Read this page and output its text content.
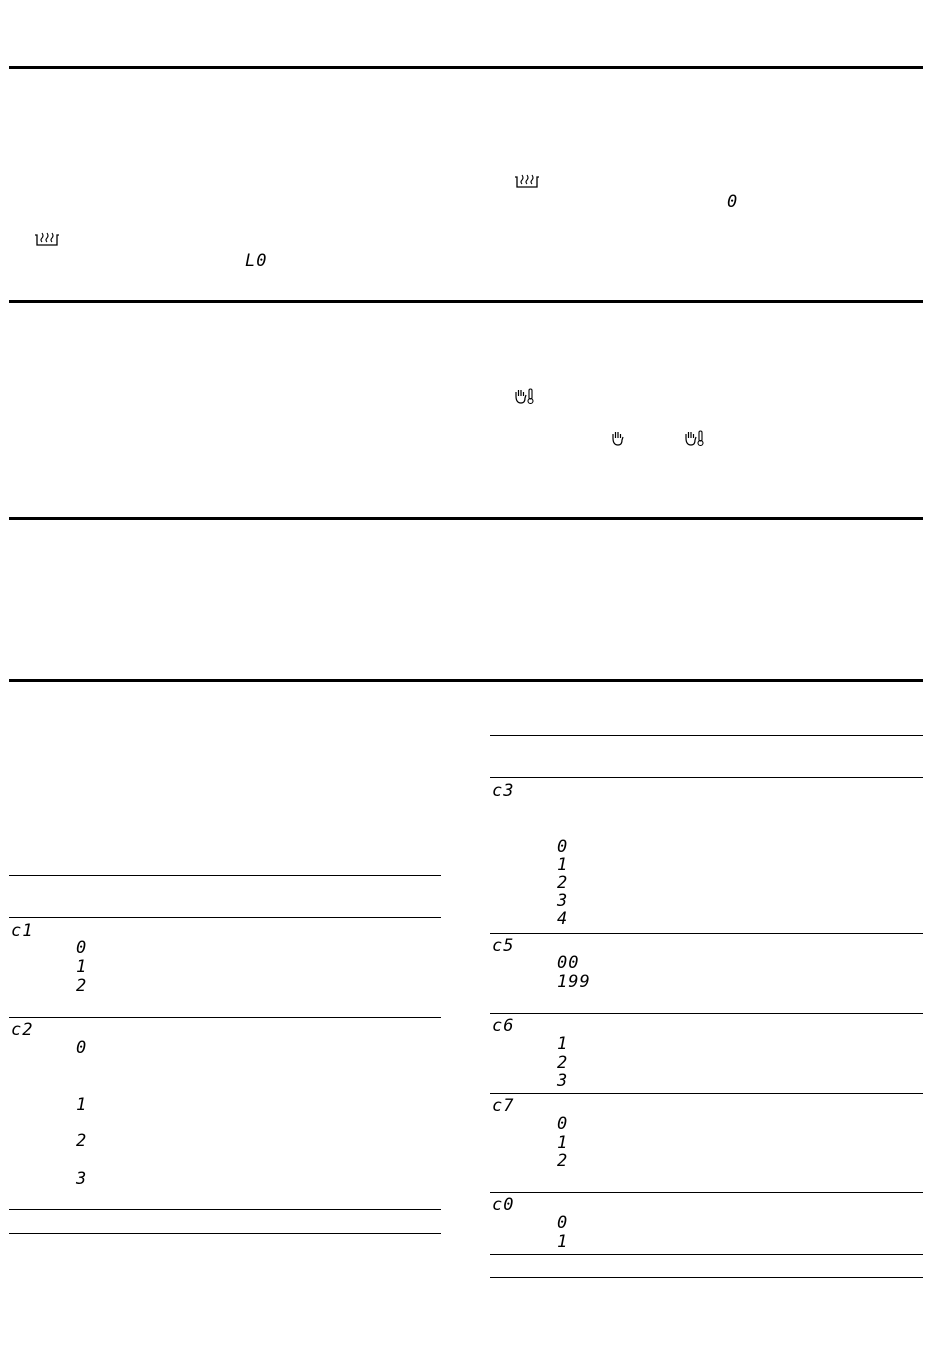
L0
0
c1
0
1
2
c2
0
1
2
3
c3
0
1
2
3
4
c5
00
199
c6
1
2
3
c7
0
1
2
c0
0
1
